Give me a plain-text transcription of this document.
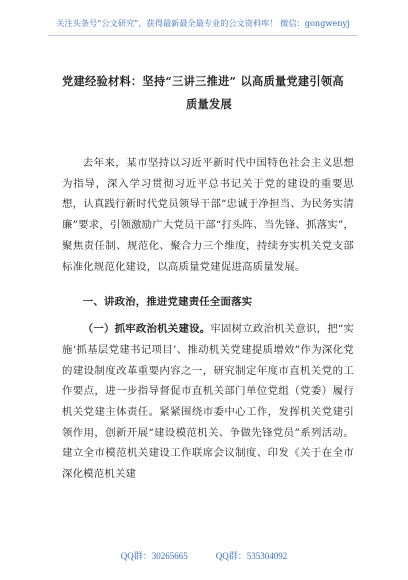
关注头条号“公文研究”，获得最新最全最专业的公文资料库！ 微信：gongwenyj
党建经验材料：坚持“三讲三推进” 以高质量党建引领高
质量发展

去年来，某市坚持以习近平新时代中国特色社会主义思想为指导，深入学习贯彻习近平总书记关于党的建设的重要思想，认真践行新时代党员领导干部“忠诚于净担当、为民务实清廉”要求，引领激励广大党员干部“打头阵、当先锋、抓落实”，聚焦责任制、规范化、聚合力三个维度，持续夯实机关党支部标准化规范化建设，以高质量党建促进高质量发展。

一、讲政治，推进党建责任全面落实

（一）抓牢政治机关建设。牢固树立政治机关意识，把“实施‘抓基层党建书记项目’、推动机关党建提质增效”作为深化党的建设制度改革重要内容之一，研究制定年度市直机关党的工作要点，进一步指导督促市直机关部门单位党组（党委）履行机关党建主体责任。紧紧围绕市委中心工作，发挥机关党建引领作用，创新开展“建设模范机关、争做先锋党员”系列活动。建立全市模范机关建设工作联席会议制度、印发《关于在全市深化模范机关建

QQ群：30265665	QQ群：535304092
